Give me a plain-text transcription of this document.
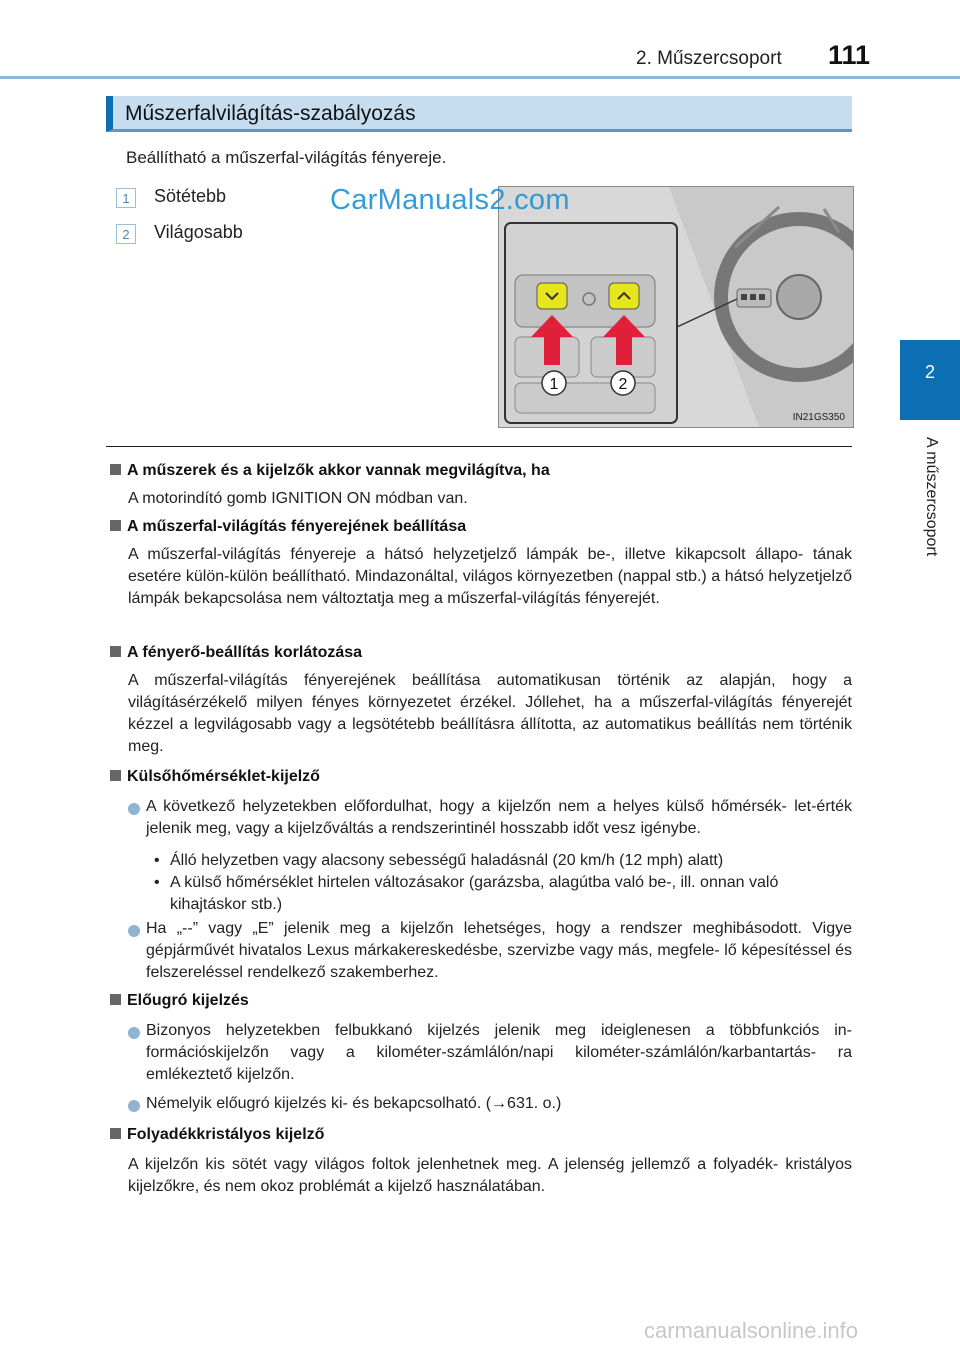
2. Műszercsoport 111
2
A műszercsoport
Műszerfalvilágítás-szabályozás
Beállítható a műszerfal-világítás fényereje.
1	Sötétebb
2	Világosabb
1	2
IN21GS350
CarManuals2.com
A műszerek és a kijelzők akkor vannak megvilágítva, ha
A motorindító gomb IGNITION ON módban van.
A műszerfal-világítás fényerejének beállítása
A műszerfal-világítás fényereje a hátsó helyzetjelző lámpák be-, illetve kikapcsolt állapo- tának esetére külön-külön beállítható. Mindazonáltal, világos környezetben (nappal stb.) a hátsó helyzetjelző lámpák bekapcsolása nem változtatja meg a műszerfal-világítás fényerejét.
A fényerő-beállítás korlátozása
A műszerfal-világítás fényerejének beállítása automatikusan történik az alapján, hogy a világításérzékelő milyen fényes környezetet érzékel. Jóllehet, ha a műszerfal-világítás fényerejét kézzel a legvilágosabb vagy a legsötétebb beállításra állította, az automatikus beállítás nem történik meg.
Külsőhőmérséklet-kijelző
A következő helyzetekben előfordulhat, hogy a kijelzőn nem a helyes külső hőmérsék- let-érték jelenik meg, vagy a kijelzőváltás a rendszerintinél hosszabb időt vesz igénybe.
• Álló helyzetben vagy alacsony sebességű haladásnál (20 km/h (12 mph) alatt)
• A külső hőmérséklet hirtelen változásakor (garázsba, alagútba való be-, ill. onnan való kihajtáskor stb.)
Ha „--” vagy „E” jelenik meg a kijelzőn lehetséges, hogy a rendszer meghibásodott. Vigye gépjárművét hivatalos Lexus márkakereskedésbe, szervizbe vagy más, megfele- lő képesítéssel és felszereléssel rendelkező szakemberhez.
Előugró kijelzés
Bizonyos helyzetekben felbukkanó kijelzés jelenik meg ideiglenesen a többfunkciós in- formációskijelzőn vagy a kilométer-számlálón/napi kilométer-számlálón/karbantartás- ra emlékeztető kijelzőn.
Némelyik előugró kijelzés ki- és bekapcsolható. (→631. o.)
Folyadékkristályos kijelző
A kijelzőn kis sötét vagy világos foltok jelenhetnek meg. A jelenség jellemző a folyadék- kristályos kijelzőkre, és nem okoz problémát a kijelző használatában.
carmanualsonline.info
